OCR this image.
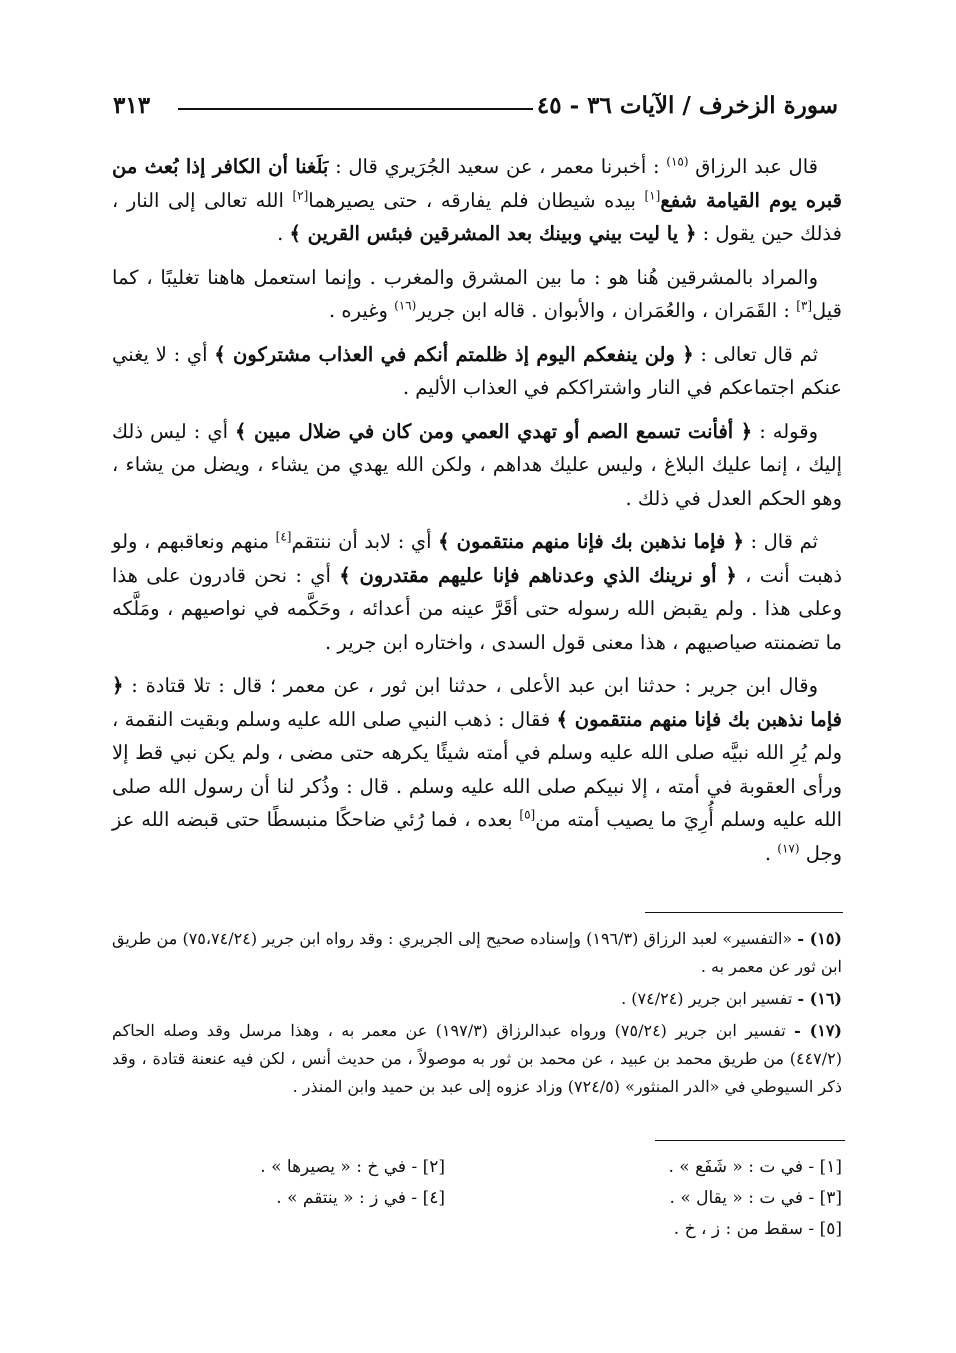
سورة الزخرف / الآيات ٣٦ - ٤٥
٣١٣

قال عبد الرزاق $^{(١٥)}$ : أخبرنا معمر ، عن سعيد الجُرَيري قال : بَلَغنا أن الكافر إذا بُعث من قبره يوم القيامة شفع[١] بيده شيطان فلم يفارقه ، حتى يصيرهما[٢] الله تعالى إلى النار ، فذلك حين يقول : ﴿ يا ليت بيني وبينك بعد المشرقين فبئس القرين ﴾ .

والمراد بالمشرقين هُنا هو : ما بين المشرق والمغرب . وإنما استعمل هاهنا تغليبًا ، كما قيل[٣] : القَمَران ، والعُمَران ، والأبوان . قاله ابن جرير$^{(١٦)}$ وغيره .

ثم قال تعالى : ﴿ ولن ينفعكم اليوم إذ ظلمتم أنكم في العذاب مشتركون ﴾ أي : لا يغني عنكم اجتماعكم في النار واشتراككم في العذاب الأليم .

وقوله : ﴿ أفأنت تسمع الصم أو تهدي العمي ومن كان في ضلال مبين ﴾ أي : ليس ذلك إليك ، إنما عليك البلاغ ، وليس عليك هداهم ، ولكن الله يهدي من يشاء ، ويضل من يشاء ، وهو الحكم العدل في ذلك .

ثم قال : ﴿ فإما نذهبن بك فإنا منهم منتقمون ﴾ أي : لابد أن ننتقم[٤] منهم ونعاقبهم ، ولو ذهبت أنت ، ﴿ أو نرينك الذي وعدناهم فإنا عليهم مقتدرون ﴾ أي : نحن قادرون على هذا وعلى هذا . ولم يقبض الله رسوله حتى أقَرَّ عينه من أعدائه ، وحَكَّمه في نواصيهم ، ومَلَّكه ما تضمنته صياصيهم ، هذا معنى قول السدى ، واختاره ابن جرير .

وقال ابن جرير : حدثنا ابن عبد الأعلى ، حدثنا ابن ثور ، عن معمر ؛ قال : تلا قتادة : ﴿ فإما نذهبن بك فإنا منهم منتقمون ﴾ فقال : ذهب النبي صلى الله عليه وسلم وبقيت النقمة ، ولم يُرِ الله نبيَّه صلى الله عليه وسلم في أمته شيئًا يكرهه حتى مضى ، ولم يكن نبي قط إلا ورأى العقوبة في أمته ، إلا نبيكم صلى الله عليه وسلم . قال : وذُكر لنا أن رسول الله صلى الله عليه وسلم أُرِيَ ما يصيب أمته من[٥] بعده ، فما رُئي ضاحكًا منبسطًا حتى قبضه الله عز وجل $^{(١٧)}$ .

(١٥) - «التفسير» لعبد الرزاق (١٩٦/٣) وإسناده صحيح إلى الجريري : وقد رواه ابن جرير (٧٥،٧٤/٢٤) من طريق ابن ثور عن معمر به .

(١٦) - تفسير ابن جرير (٧٤/٢٤) .

(١٧) - تفسير ابن جرير (٧٥/٢٤) ورواه عبدالرزاق (١٩٧/٣) عن معمر به ، وهذا مرسل وقد وصله الحاكم (٤٤٧/٢) من طريق محمد بن عبيد ، عن محمد بن ثور به موصولاً ، من حديث أنس ، لكن فيه عنعنة قتادة ، وقد ذكر السيوطي في «الدر المنثور» (٧٢٤/٥) وزاد عزوه إلى عبد بن حميد وابن المنذر .

[١] - في ت : « شَفَع » .
[٢] - في خ : « يصيرها » .
[٣] - في ت : « يقال » .
[٤] - في ز : « ينتقم » .
[٥] - سقط من : ز ، خ .
